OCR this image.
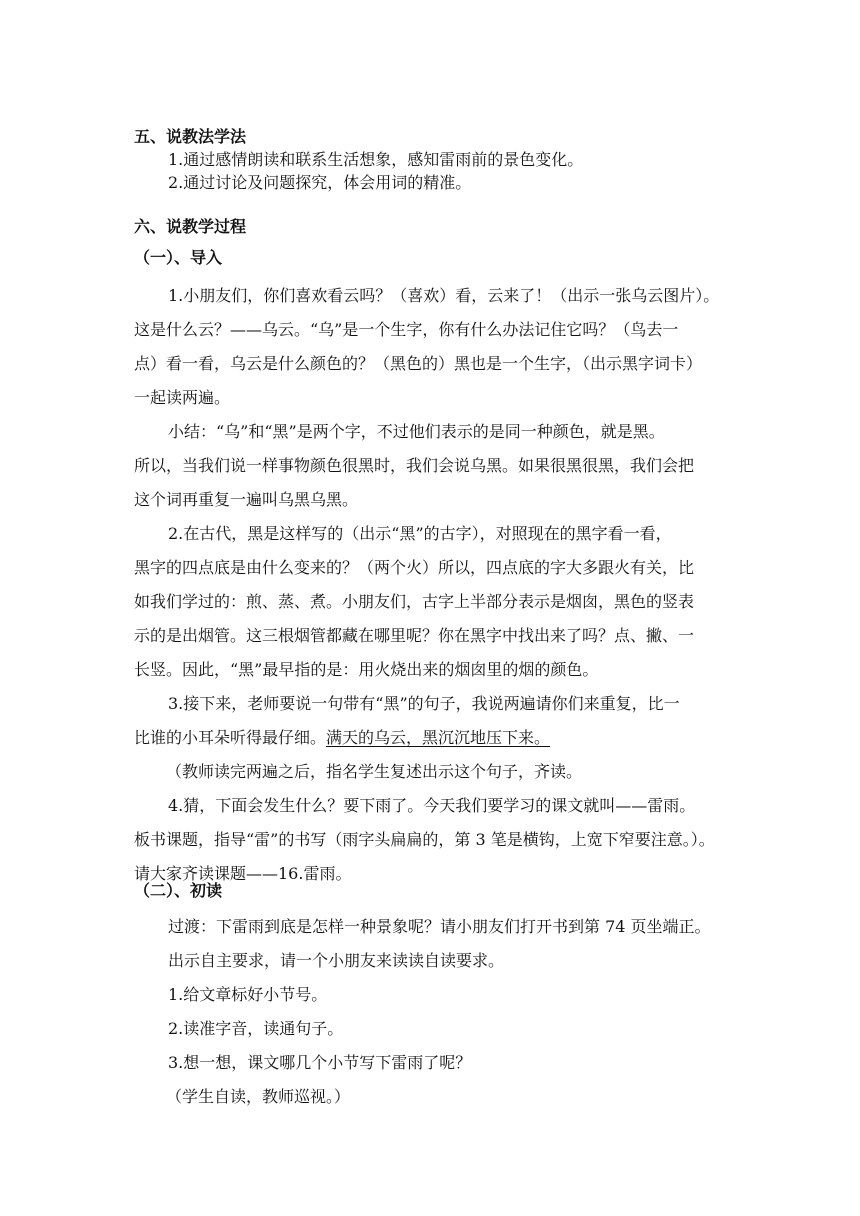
五、说教法学法
1.通过感情朗读和联系生活想象，感知雷雨前的景色变化。
2.通过讨论及问题探究，体会用词的精准。
六、说教学过程
（一）、导入
1.小朋友们，你们喜欢看云吗？（喜欢）看，云来了！（出示一张乌云图片）。
这是什么云？——乌云。“乌”是一个生字，你有什么办法记住它吗？（鸟去一
点）看一看，乌云是什么颜色的？（黑色的）黑也是一个生字，（出示黑字词卡）
一起读两遍。
小结：“乌”和“黑”是两个字，不过他们表示的是同一种颜色，就是黑。
所以，当我们说一样事物颜色很黑时，我们会说乌黑。如果很黑很黑，我们会把
这个词再重复一遍叫乌黑乌黑。
2.在古代，黑是这样写的（出示“黑”的古字），对照现在的黑字看一看，
黑字的四点底是由什么变来的？（两个火）所以，四点底的字大多跟火有关，比
如我们学过的：煎、蒸、煮。小朋友们，古字上半部分表示是烟囱，黑色的竖表
示的是出烟管。这三根烟管都藏在哪里呢？你在黑字中找出来了吗？点、撇、一
长竖。因此，“黑”最早指的是：用火烧出来的烟囱里的烟的颜色。
3.接下来，老师要说一句带有“黑”的句子，我说两遍请你们来重复，比一
比谁的小耳朵听得最仔细。满天的乌云，黑沉沉地压下来。
（教师读完两遍之后，指名学生复述出示这个句子，齐读。
4.猜，下面会发生什么？要下雨了。今天我们要学习的课文就叫——雷雨。
板书课题，指导“雷”的书写（雨字头扁扁的，第 3 笔是横钩，上宽下窄要注意。）。
请大家齐读课题——16.雷雨。
（二）、初读
过渡：下雷雨到底是怎样一种景象呢？请小朋友们打开书到第 74 页坐端正。
出示自主要求，请一个小朋友来读读自读要求。
1.给文章标好小节号。
2.读准字音，读通句子。
3.想一想，课文哪几个小节写下雷雨了呢？
（学生自读，教师巡视。）
